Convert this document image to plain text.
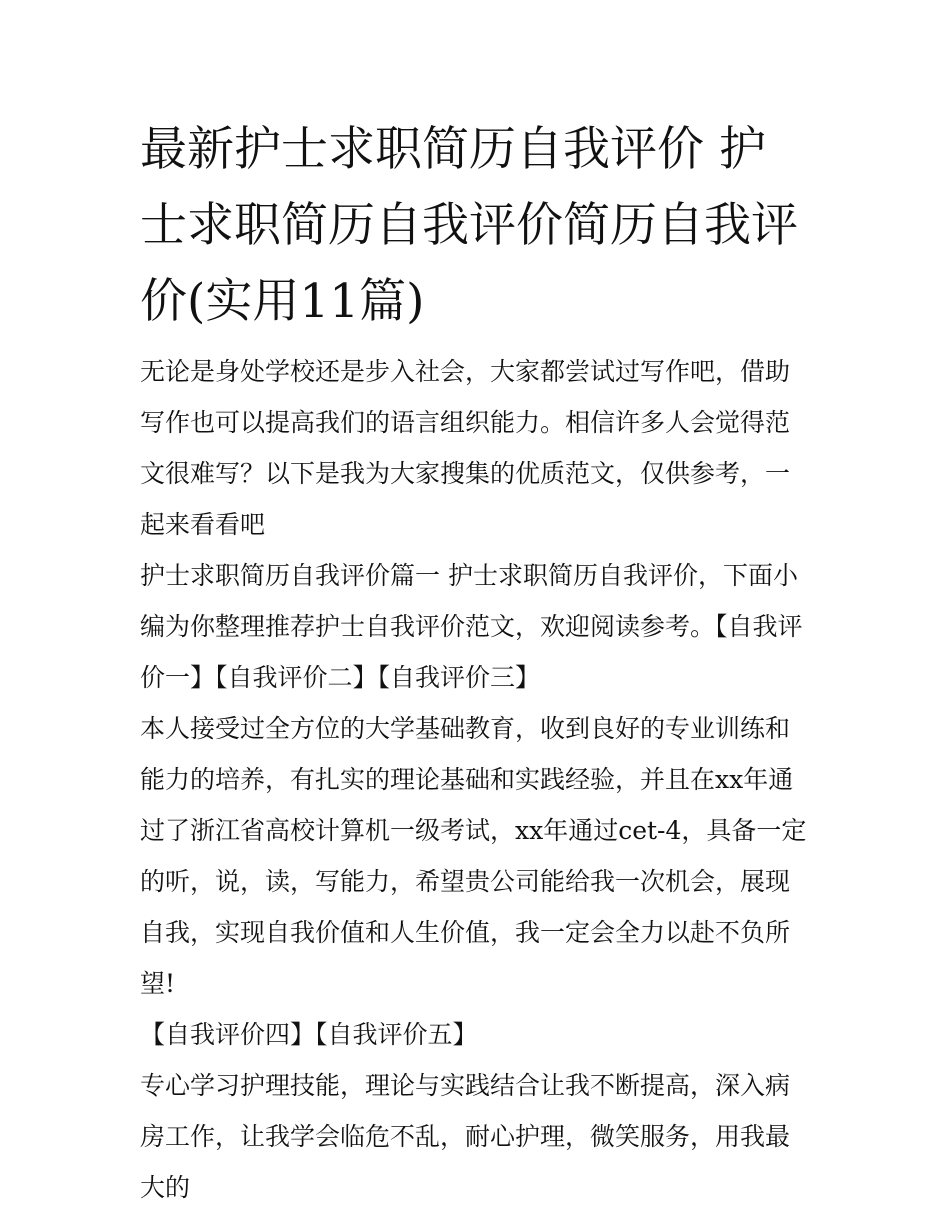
最新护士求职简历自我评价 护士求职简历自我评价简历自我评价(实用11篇)

无论是身处学校还是步入社会，大家都尝试过写作吧，借助写作也可以提高我们的语言组织能力。相信许多人会觉得范文很难写？以下是我为大家搜集的优质范文，仅供参考，一起来看看吧

护士求职简历自我评价篇一 护士求职简历自我评价，下面小编为你整理推荐护士自我评价范文，欢迎阅读参考。【自我评价一】【自我评价二】【自我评价三】

本人接受过全方位的大学基础教育，收到良好的专业训练和能力的培养，有扎实的理论基础和实践经验，并且在xx年通过了浙江省高校计算机一级考试，xx年通过cet-4，具备一定的听，说，读，写能力，希望贵公司能给我一次机会，展现自我，实现自我价值和人生价值，我一定会全力以赴不负所望!

【自我评价四】【自我评价五】

专心学习护理技能，理论与实践结合让我不断提高，深入病房工作，让我学会临危不乱，耐心护理，微笑服务，用我最大的
